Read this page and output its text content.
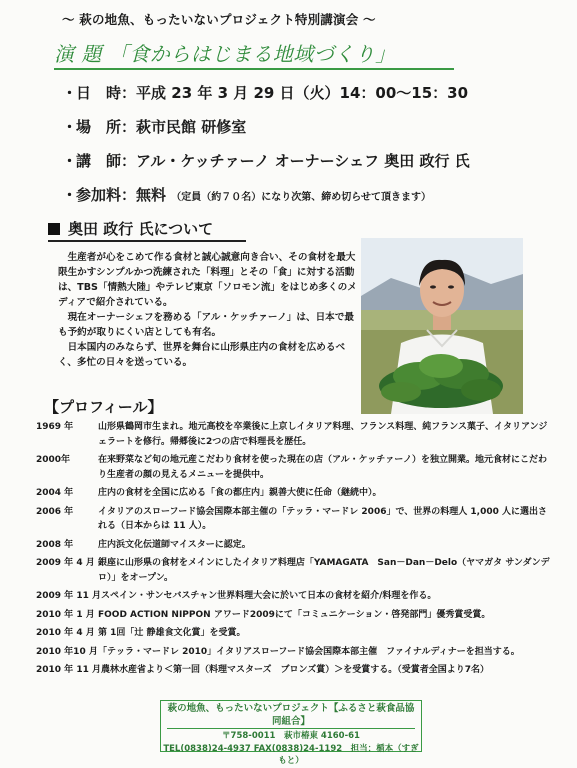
～ 萩の地魚、もったいないプロジェクト特別講演会 ～
演 題 「食からはじまる地域づくり」
・日　時：平成 23 年 3 月 29 日（火）14：00～15：30
・場　所：萩市民館 研修室
・講　師：アル・ケッチァーノ オーナーシェフ 奥田 政行 氏
・参加料：無料 （定員（約７０名）になり次第、締め切らせて頂きます）
奥田 政行 氏について

生産者が心をこめて作る食材と誠心誠意向き合い、その食材を最大限生かすシンプルかつ洗練された「料理」とその「食」に対する活動は、TBS「情熱大陸」やテレビ東京「ソロモン流」をはじめ多くのメディアで紹介されている。

現在オーナーシェフを務める「アル・ケッチァーノ」は、日本で最も予約が取りにくい店としても有名。

日本国内のみならず、世界を舞台に山形県庄内の食材を広めるべく、多忙の日々を送っている。

【プロフィール】
1969 年	山形県鶴岡市生まれ。地元高校を卒業後に上京しイタリア料理、フランス料理、純フランス菓子、イタリアンジェラートを修行。帰郷後に2つの店で料理長を歴任。
2000年	在来野菜など旬の地元産こだわり食材を使った現在の店（アル・ケッチァーノ）を独立開業。地元食材にこだわり生産者の顔の見えるメニューを提供中。
2004 年	庄内の食材を全国に広める「食の都庄内」親善大使に任命（継続中）。
2006 年	イタリアのスローフード協会国際本部主催の「テッラ・マードレ 2006」で、世界の料理人 1,000 人に選出される（日本からは 11 人）。
2008 年	庄内浜文化伝道師マイスターに認定。
2009 年 4 月 銀座に山形県の食材をメインにしたイタリア料理店「YAMAGATA　San－Dan－Delo（ヤマガタ サンダンデロ）」をオープン。
2009 年 11 月 スペイン・サンセバスチャン世界料理大会に於いて日本の食材を紹介/料理を作る。
2010 年 1 月 FOOD ACTION NIPPON アワード2009にて「コミュニケーション・啓発部門」優秀賞受賞。
2010 年 4 月 第 1回「辻 静雄食文化賞」を受賞。
2010 年10 月 「テッラ・マードレ 2010」イタリアスローフード協会国際本部主催　ファイナルディナーを担当する。
2010 年 11 月 農林水産省より＜第一回（料理マスターズ　ブロンズ賞）＞を受賞する。（受賞者全国より7名）
萩の地魚、もったいないプロジェクト【ふるさと萩食品協同組合】
〒758-0011　萩市椿東 4160-61
TEL(0838)24-4937 FAX(0838)24-1192　担当：楯本（すぎもと）
